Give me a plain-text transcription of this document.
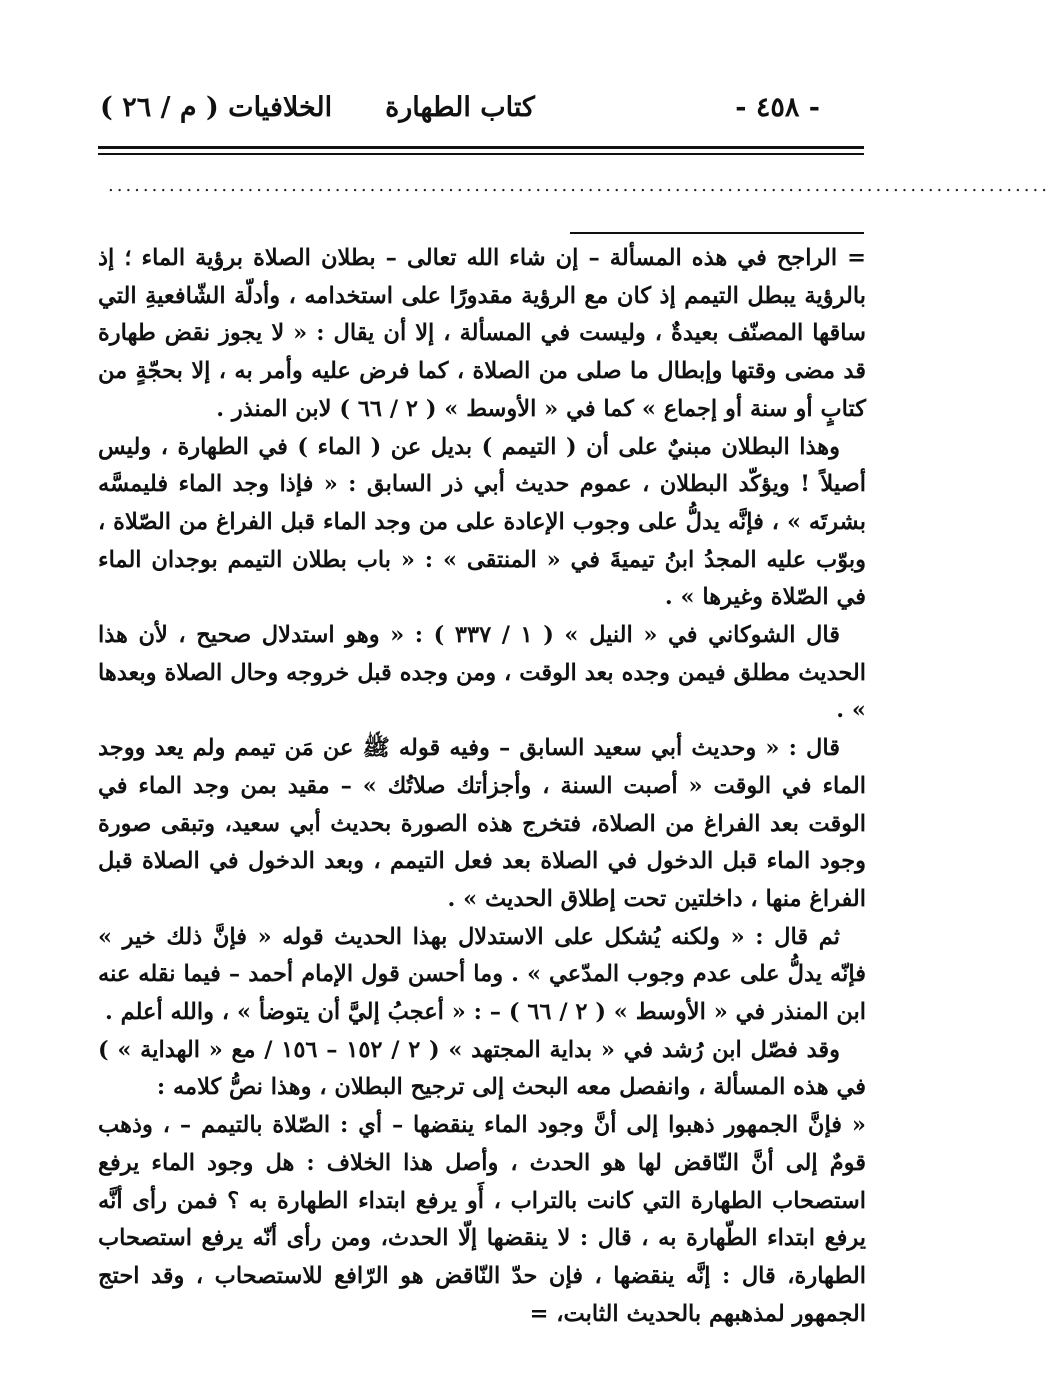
- ٤٥٨ -
كتاب الطهارة
الخلافيات ( م / ٢٦ )
............................................................................................................

= الراجح في هذه المسألة – إن شاء الله تعالى – بطلان الصلاة برؤية الماء ؛ إذ بالرؤية يبطل التيمم إذ كان مع الرؤية مقدورًا على استخدامه ، وأدلّة الشّافعيةِ التي ساقها المصنّف بعيدةٌ ، وليست في المسألة ، إلا أن يقال : « لا يجوز نقض طهارة قد مضى وقتها وإبطال ما صلى من الصلاة ، كما فرض عليه وأمر به ، إلا بحجّةٍ من كتابٍ أو سنة أو إجماع » كما في « الأوسط » ( ٢ / ٦٦ ) لابن المنذر .

وهذا البطلان مبنيٌ على أن ( التيمم ) بديل عن ( الماء ) في الطهارة ، وليس أصيلاً ! ويؤكّد البطلان ، عموم حديث أبي ذر السابق : « فإذا وجد الماء فليمسَّه بشرتَه » ، فإنَّه يدلُّ على وجوب الإعادة على من وجد الماء قبل الفراغ من الصّلاة ، وبوّب عليه المجدُ ابنُ تيميةَ في « المنتقى » : « باب بطلان التيمم بوجدان الماء في الصّلاة وغيرها » .

قال الشوكاني في « النيل » ( ١ / ٣٣٧ ) : « وهو استدلال صحيح ، لأن هذا الحديث مطلق فيمن وجده بعد الوقت ، ومن وجده قبل خروجه وحال الصلاة وبعدها » .

قال : « وحديث أبي سعيد السابق – وفيه قوله ﷺ عن مَن تيمم ولم يعد ووجد الماء في الوقت « أصبت السنة ، وأجزأتك صلاتُك » – مقيد بمن وجد الماء في الوقت بعد الفراغ من الصلاة، فتخرج هذه الصورة بحديث أبي سعيد، وتبقى صورة وجود الماء قبل الدخول في الصلاة بعد فعل التيمم ، وبعد الدخول في الصلاة قبل الفراغ منها ، داخلتين تحت إطلاق الحديث » .

ثم قال : « ولكنه يُشكل على الاستدلال بهذا الحديث قوله « فإنَّ ذلك خير » فإنّه يدلُّ على عدم وجوب المدّعي » . وما أحسن قول الإمام أحمد – فيما نقله عنه ابن المنذر في « الأوسط » ( ٢ / ٦٦ ) – : « أعجبُ إليَّ أن يتوضأ » ، والله أعلم .

وقد فصّل ابن رُشد في « بداية المجتهد » ( ٢ / ١٥٢ – ١٥٦ / مع « الهداية » ) في هذه المسألة ، وانفصل معه البحث إلى ترجيح البطلان ، وهذا نصُّ كلامه :

« فإنَّ الجمهور ذهبوا إلى أنَّ وجود الماء ينقضها – أي : الصّلاة بالتيمم – ، وذهب قومٌ إلى أنَّ النّاقض لها هو الحدث ، وأصل هذا الخلاف : هل وجود الماء يرفع استصحاب الطهارة التي كانت بالتراب ، أَو يرفع ابتداء الطهارة به ؟ فمن رأى أنَّه يرفع ابتداء الطّهارة به ، قال : لا ينقضها إلّا الحدث، ومن رأى أنّه يرفع استصحاب الطهارة، قال : إنَّه ينقضها ، فإن حدّ النّاقض هو الرّافع للاستصحاب ، وقد احتج الجمهور لمذهبهم بالحديث الثابت، =
